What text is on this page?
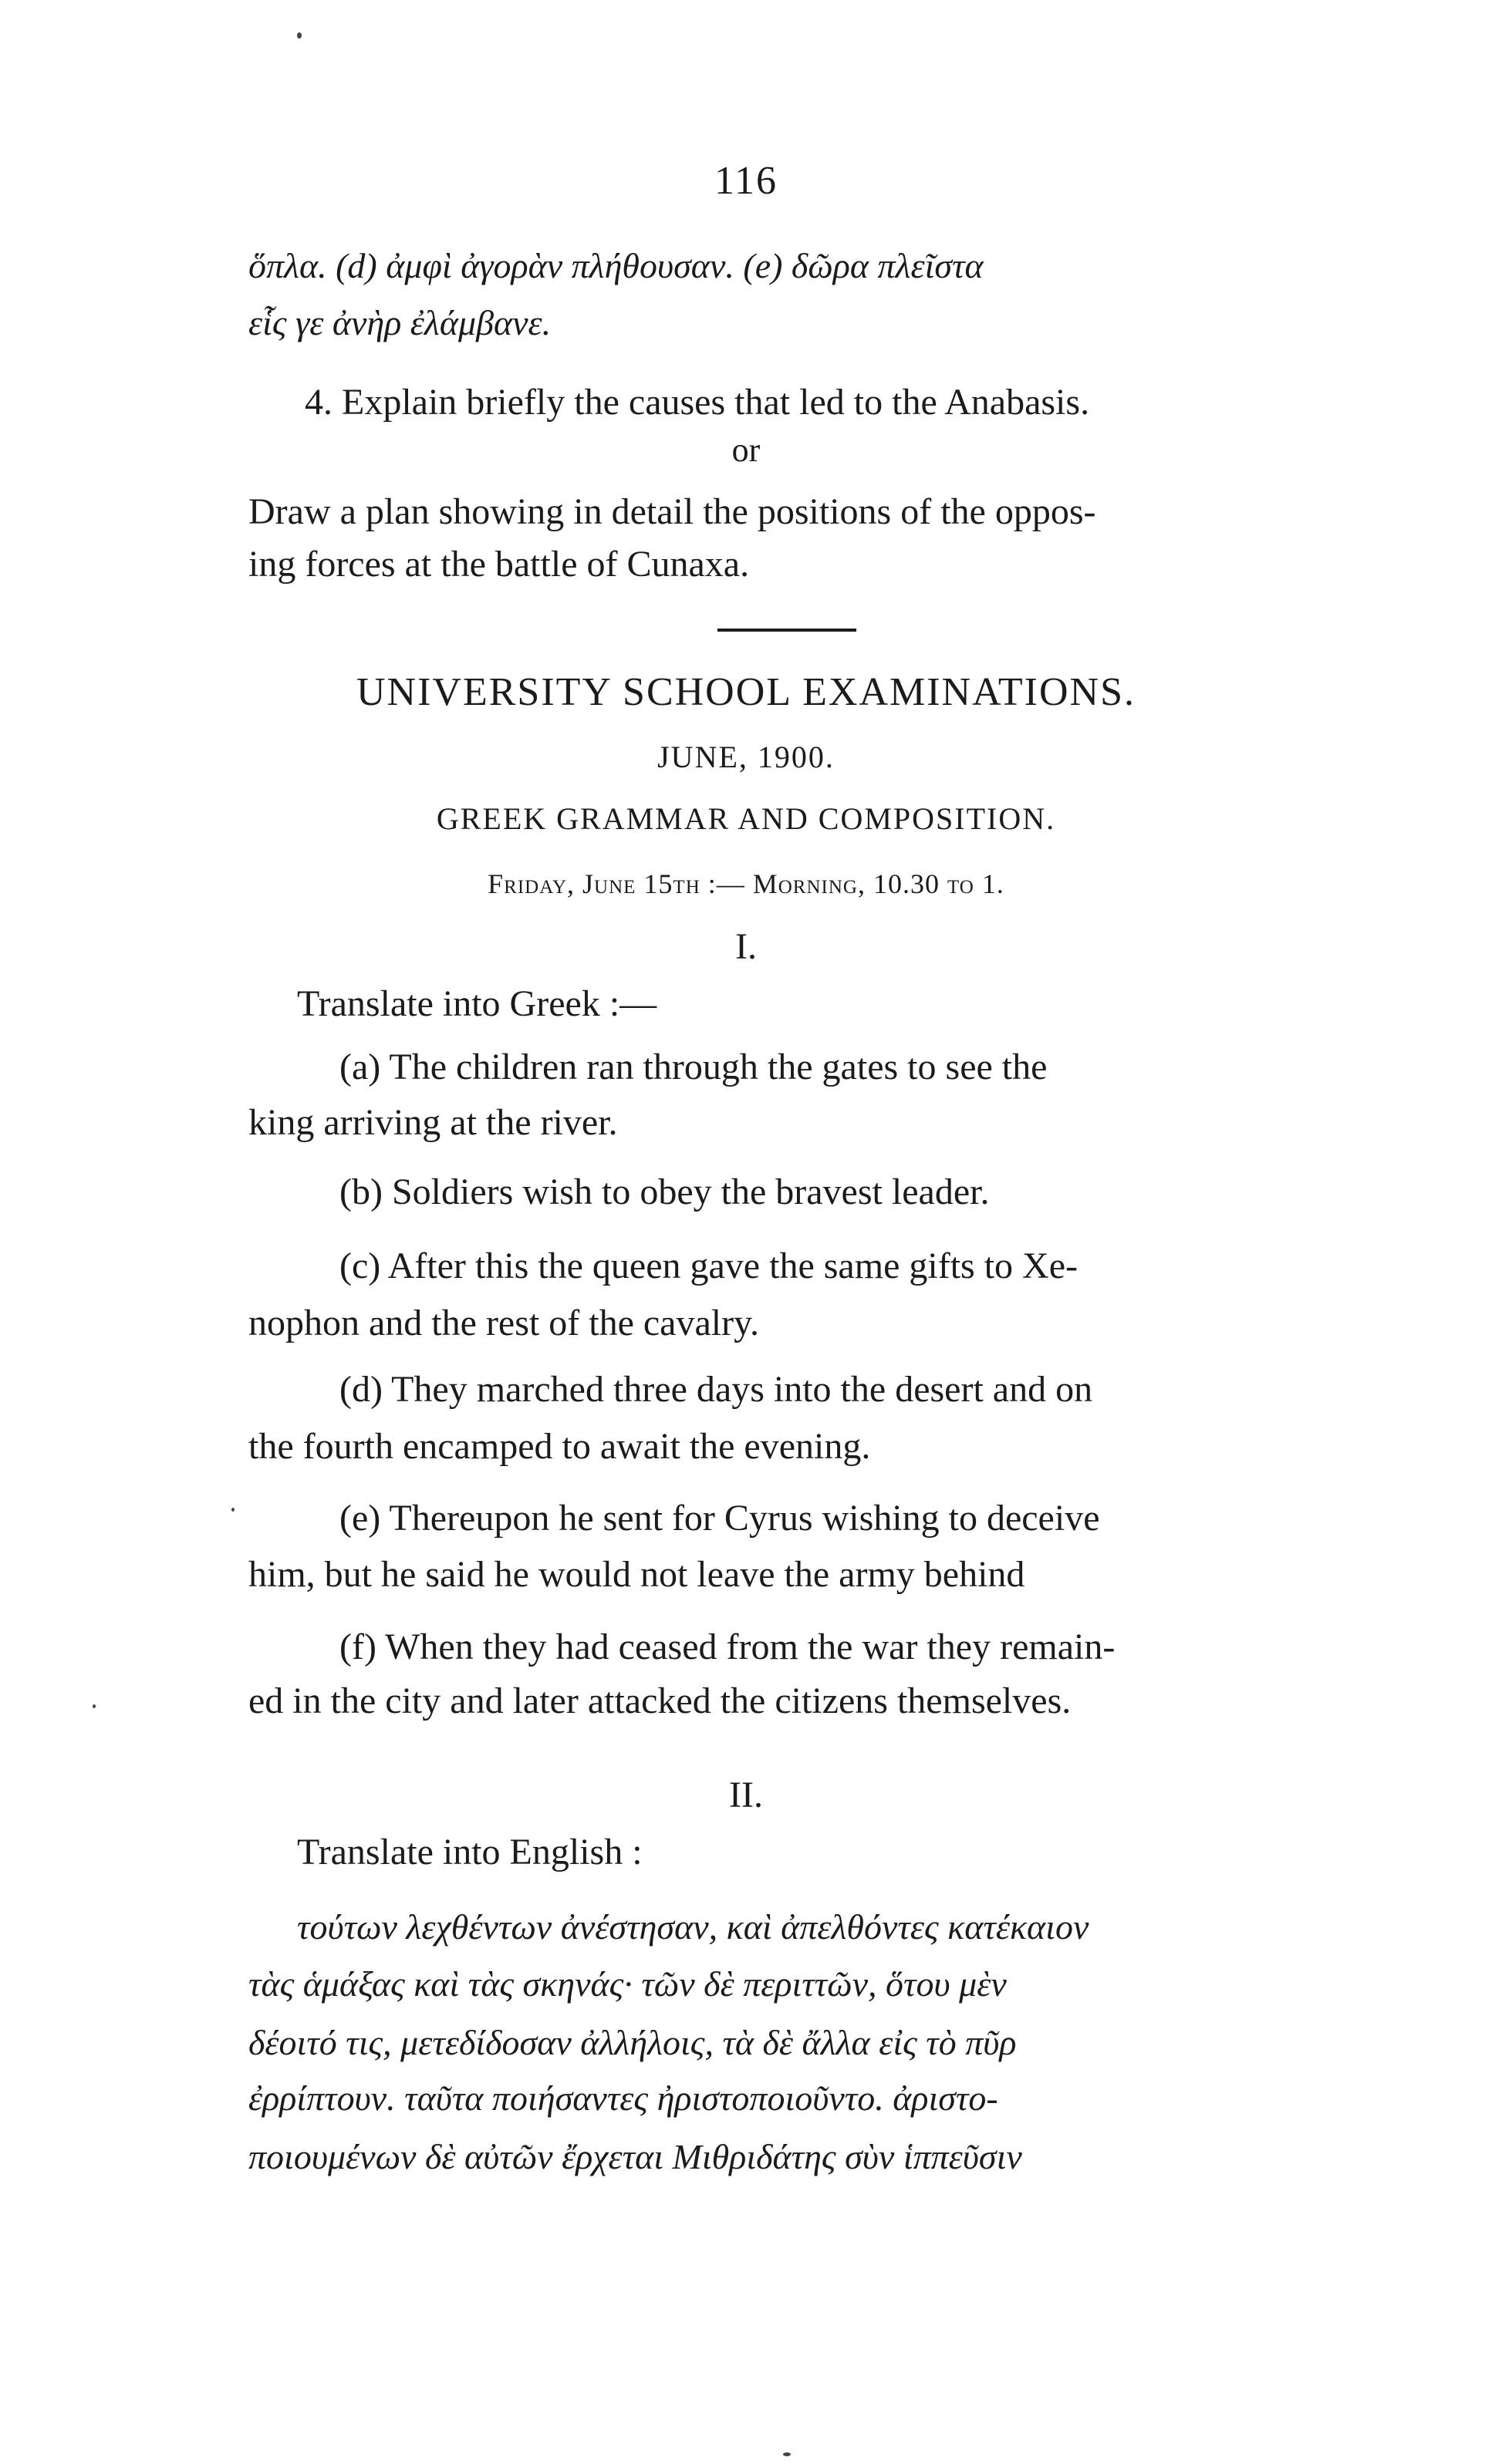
116
ὅπλα. (d) ἀμφὶ ἀγορὰν πλήθουσαν. (e) δῶρα πλεῖστα
εἷς γε ἀνὴρ ἐλάμβανε.
4. Explain briefly the causes that led to the Anabasis.
or
Draw a plan showing in detail the positions of the oppos-
ing forces at the battle of Cunaxa.
UNIVERSITY SCHOOL EXAMINATIONS.
JUNE, 1900.
GREEK GRAMMAR AND COMPOSITION.
Friday, June 15th :— Morning, 10.30 to 1.
I.
Translate into Greek :—
(a) The children ran through the gates to see the
king arriving at the river.
(b) Soldiers wish to obey the bravest leader.
(c) After this the queen gave the same gifts to Xe-
nophon and the rest of the cavalry.
(d) They marched three days into the desert and on
the fourth encamped to await the evening.
(e) Thereupon he sent for Cyrus wishing to deceive
him, but he said he would not leave the army behind
(f) When they had ceased from the war they remain-
ed in the city and later attacked the citizens themselves.
II.
Translate into English :
τούτων λεχθέντων ἀνέστησαν, καὶ ἀπελθόντες κατέκαιον
τὰς ἁμάξας καὶ τὰς σκηνάς· τῶν δὲ περιττῶν, ὅτου μὲν
δέοιτό τις, μετεδίδοσαν ἀλλήλοις, τὰ δὲ ἄλλα εἰς τὸ πῦρ
ἐρρίπτουν. ταῦτα ποιήσαντες ἠριστοποιοῦντο. ἀριστο-
ποιουμένων δὲ αὐτῶν ἔρχεται Μιθριδάτης σὺν ἱππεῦσιν
